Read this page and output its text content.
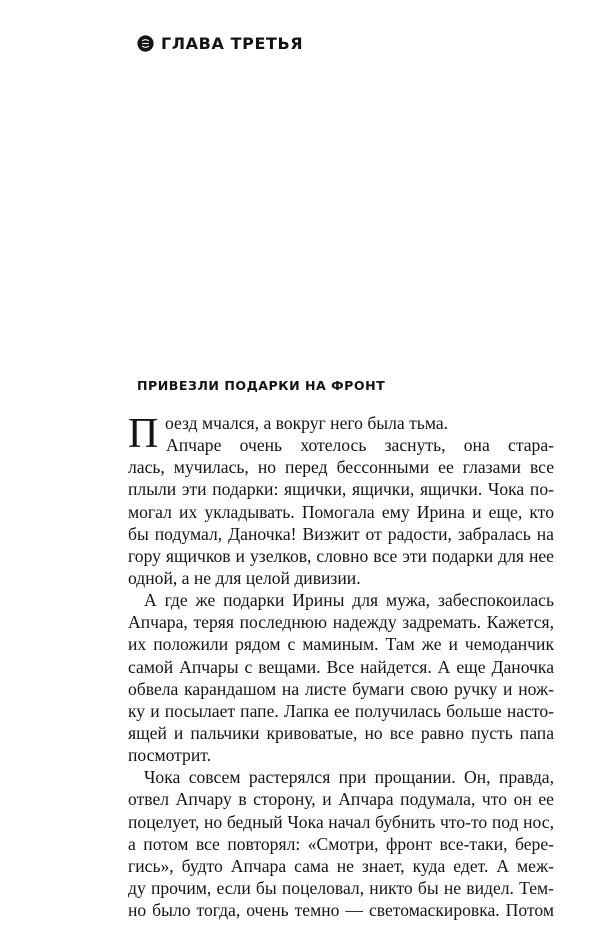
ГЛАВА ТРЕТЬЯ
ПРИВЕЗЛИ ПОДАРКИ НА ФРОНТ
П оезд мчался, а вокруг него была тьма.
Апчаре очень хотелось заснуть, она стара-
лась, мучилась, но перед бессонными ее глазами все
плыли эти подарки: ящички, ящички, ящички. Чока по-
могал их укладывать. Помогала ему Ирина и еще, кто
бы подумал, Даночка! Визжит от радости, забралась на
гору ящичков и узелков, словно все эти подарки для нее
одной, а не для целой дивизии.
А где же подарки Ирины для мужа, забеспокоилась
Апчара, теряя последнюю надежду задремать. Кажется,
их положили рядом с маминым. Там же и чемоданчик
самой Апчары с вещами. Все найдется. А еще Даночка
обвела карандашом на листе бумаги свою ручку и нож-
ку и посылает папе. Лапка ее получилась больше насто-
ящей и пальчики кривоватые, но все равно пусть папа
посмотрит.
Чока совсем растерялся при прощании. Он, правда,
отвел Апчару в сторону, и Апчара подумала, что он ее
поцелует, но бедный Чока начал бубнить что-то под нос,
а потом все повторял: «Смотри, фронт все-таки, бере-
гись», будто Апчара сама не знает, куда едет. А меж-
ду прочим, если бы поцеловал, никто бы не видел. Тем-
но было тогда, очень темно — светомаскировка. Потом
